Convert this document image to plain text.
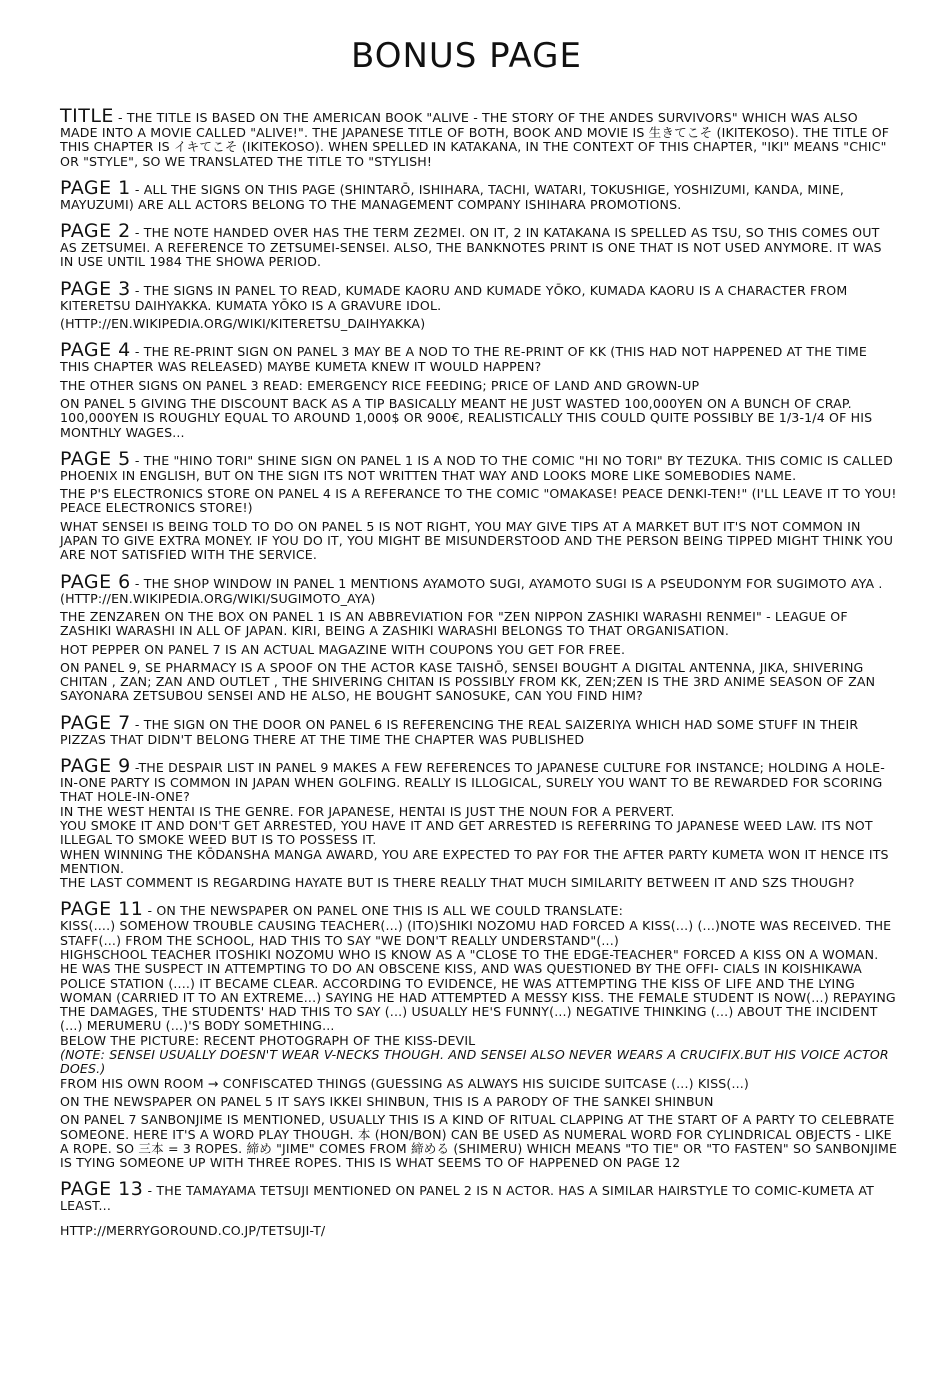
BONUS PAGE
TITLE - THE TITLE IS BASED ON THE AMERICAN BOOK "ALIVE - THE STORY OF THE ANDES SURVIVORS" WHICH WAS ALSO MADE INTO A MOVIE CALLED "ALIVE!". THE JAPANESE TITLE OF BOTH, BOOK AND MOVIE IS 生きてこそ (IKITEKOSO). THE TITLE OF THIS CHAPTER IS イキてこそ (IKITEKOSO). WHEN SPELLED IN KATAKANA, IN THE CONTEXT OF THIS CHAPTER, "IKI" MEANS "CHIC" OR "STYLE", SO WE TRANSLATED THE TITLE TO "STYLISH!
PAGE 1 - ALL THE SIGNS ON THIS PAGE (SHINTARŌ, ISHIHARA, TACHI, WATARI, TOKUSHIGE, YOSHIZUMI, KANDA, MINE, MAYUZUMI) ARE ALL ACTORS BELONG TO THE MANAGEMENT COMPANY ISHIHARA PROMOTIONS.
PAGE 2 - THE NOTE HANDED OVER HAS THE TERM ZE2MEI. ON IT, 2 IN KATAKANA IS SPELLED AS TSU, SO THIS COMES OUT AS ZETSUMEI. A REFERENCE TO ZETSUMEI-SENSEI. ALSO, THE BANKNOTES PRINT IS ONE THAT IS NOT USED ANYMORE. IT WAS IN USE UNTIL 1984 THE SHOWA PERIOD.
PAGE 3 - THE SIGNS IN PANEL TO READ, KUMADE KAORU AND KUMADE YŌKO, KUMADA KAORU IS A CHARACTER FROM KITERETSU DAIHYAKKA. KUMATA YŌKO IS A GRAVURE IDOL.
(HTTP://EN.WIKIPEDIA.ORG/WIKI/KITERETSU_DAIHYAKKA)
PAGE 4 - THE RE-PRINT SIGN ON PANEL 3 MAY BE A NOD TO THE RE-PRINT OF KK (THIS HAD NOT HAPPENED AT THE TIME THIS CHAPTER WAS RELEASED) MAYBE KUMETA KNEW IT WOULD HAPPEN?
THE OTHER SIGNS ON PANEL 3 READ: EMERGENCY RICE FEEDING; PRICE OF LAND AND GROWN-UP
ON PANEL 5 GIVING THE DISCOUNT BACK AS A TIP BASICALLY MEANT HE JUST WASTED 100,000YEN ON A BUNCH OF CRAP. 100,000YEN IS ROUGHLY EQUAL TO AROUND 1,000$ OR 900€, REALISTICALLY THIS COULD QUITE POSSIBLY BE 1/3-1/4 OF HIS MONTHLY WAGES...
PAGE 5 - THE "HINO TORI" SHINE SIGN ON PANEL 1 IS A NOD TO THE COMIC "HI NO TORI" BY TEZUKA. THIS COMIC IS CALLED PHOENIX IN ENGLISH, BUT ON THE SIGN ITS NOT WRITTEN THAT WAY AND LOOKS MORE LIKE SOMEBODIES NAME.
THE P'S ELECTRONICS STORE ON PANEL 4 IS A REFERANCE TO THE COMIC "OMAKASE! PEACE DENKI-TEN!" (I'LL LEAVE IT TO YOU! PEACE ELECTRONICS STORE!)
WHAT SENSEI IS BEING TOLD TO DO ON PANEL 5 IS NOT RIGHT, YOU MAY GIVE TIPS AT A MARKET BUT IT'S NOT COMMON IN JAPAN TO GIVE EXTRA MONEY. IF YOU DO IT, YOU MIGHT BE MISUNDERSTOOD AND THE PERSON BEING TIPPED MIGHT THINK YOU ARE NOT SATISFIED WITH THE SERVICE.
PAGE 6 - THE SHOP WINDOW IN PANEL 1 MENTIONS AYAMOTO SUGI, AYAMOTO SUGI IS A PSEUDONYM FOR SUGIMOTO AYA . (HTTP://EN.WIKIPEDIA.ORG/WIKI/SUGIMOTO_AYA)
THE ZENZAREN ON THE BOX ON PANEL 1 IS AN ABBREVIATION FOR "ZEN NIPPON ZASHIKI WARASHI RENMEI" - LEAGUE OF ZASHIKI WARASHI IN ALL OF JAPAN. KIRI, BEING A ZASHIKI WARASHI BELONGS TO THAT ORGANISATION.
HOT PEPPER ON PANEL 7 IS AN ACTUAL MAGAZINE WITH COUPONS YOU GET FOR FREE.
ON PANEL 9, SE PHARMACY IS A SPOOF ON THE ACTOR KASE TAISHŌ, SENSEI BOUGHT A DIGITAL ANTENNA, JIKA, SHIVERING CHITAN , ZAN; ZAN AND OUTLET , THE SHIVERING CHITAN IS POSSIBLY FROM KK, ZEN;ZEN IS THE 3RD ANIME SEASON OF ZAN SAYONARA ZETSUBOU SENSEI AND HE ALSO, HE BOUGHT SANOSUKE, CAN YOU FIND HIM?
PAGE 7 - THE SIGN ON THE DOOR ON PANEL 6 IS REFERENCING THE REAL SAIZERIYA WHICH HAD SOME STUFF IN THEIR PIZZAS THAT DIDN'T BELONG THERE AT THE TIME THE CHAPTER WAS PUBLISHED
PAGE 9 -THE DESPAIR LIST IN PANEL 9 MAKES A FEW REFERENCES TO JAPANESE CULTURE FOR INSTANCE; HOLDING A HOLE-IN-ONE PARTY IS COMMON IN JAPAN WHEN GOLFING. REALLY IS ILLOGICAL, SURELY YOU WANT TO BE REWARDED FOR SCORING THAT HOLE-IN-ONE?
IN THE WEST HENTAI IS THE GENRE. FOR JAPANESE, HENTAI IS JUST THE NOUN FOR A PERVERT.
YOU SMOKE IT AND DON'T GET ARRESTED, YOU HAVE IT AND GET ARRESTED IS REFERRING TO JAPANESE WEED LAW. ITS NOT ILLEGAL TO SMOKE WEED BUT IS TO POSSESS IT.
WHEN WINNING THE KŌDANSHA MANGA AWARD, YOU ARE EXPECTED TO PAY FOR THE AFTER PARTY KUMETA WON IT HENCE ITS MENTION.
THE LAST COMMENT IS REGARDING HAYATE BUT IS THERE REALLY THAT MUCH SIMILARITY BETWEEN IT AND SZS THOUGH?
PAGE 11 - ON THE NEWSPAPER ON PANEL ONE THIS IS ALL WE COULD TRANSLATE:
KISS(....) SOMEHOW TROUBLE CAUSING TEACHER(...) (ITO)SHIKI NOZOMU HAD FORCED A KISS(...) (...)NOTE WAS RECEIVED. THE STAFF(...) FROM THE SCHOOL, HAD THIS TO SAY "WE DON'T REALLY UNDERSTAND"(...)
HIGHSCHOOL TEACHER ITOSHIKI NOZOMU WHO IS KNOW AS A "CLOSE TO THE EDGE-TEACHER" FORCED A KISS ON A WOMAN. HE WAS THE SUSPECT IN ATTEMPTING TO DO AN OBSCENE KISS, AND WAS QUESTIONED BY THE OFFI- CIALS IN KOISHIKAWA POLICE STATION (....) IT BECAME CLEAR. ACCORDING TO EVIDENCE, HE WAS ATTEMPTING THE KISS OF LIFE AND THE LYING WOMAN (CARRIED IT TO AN EXTREME...) SAYING HE HAD ATTEMPTED A MESSY KISS. THE FEMALE STUDENT IS NOW(...) REPAYING THE DAMAGES, THE STUDENTS' HAD THIS TO SAY (...) USUALLY HE'S FUNNY(...) NEGATIVE THINKING (...) ABOUT THE INCIDENT (...) MERUMERU (...)'S BODY SOMETHING...
BELOW THE PICTURE: RECENT PHOTOGRAPH OF THE KISS-DEVIL
(NOTE: SENSEI USUALLY DOESN'T WEAR V-NECKS THOUGH. AND SENSEI ALSO NEVER WEARS A CRUCIFIX.BUT HIS VOICE ACTOR DOES.)
FROM HIS OWN ROOM → CONFISCATED THINGS (GUESSING AS ALWAYS HIS SUICIDE SUITCASE (...) KISS(...)
ON THE NEWSPAPER ON PANEL 5 IT SAYS IKKEI SHINBUN, THIS IS A PARODY OF THE SANKEI SHINBUN
ON PANEL 7 SANBONJIME IS MENTIONED, USUALLY THIS IS A KIND OF RITUAL CLAPPING AT THE START OF A PARTY TO CELEBRATE SOMEONE. HERE IT'S A WORD PLAY THOUGH. 本 (HON/BON) CAN BE USED AS NUMERAL WORD FOR CYLINDRICAL OBJECTS - LIKE A ROPE. SO 三本 = 3 ROPES. 締め "JIME" COMES FROM 締める (SHIMERU) WHICH MEANS "TO TIE" OR "TO FASTEN" SO SANBONJIME IS TYING SOMEONE UP WITH THREE ROPES. THIS IS WHAT SEEMS TO OF HAPPENED ON PAGE 12
PAGE 13 - THE TAMAYAMA TETSUJI MENTIONED ON PANEL 2 IS N ACTOR. HAS A SIMILAR HAIRSTYLE TO COMIC-KUMETA AT LEAST...
HTTP://MERRYGOROUND.CO.JP/TETSUJI-T/
